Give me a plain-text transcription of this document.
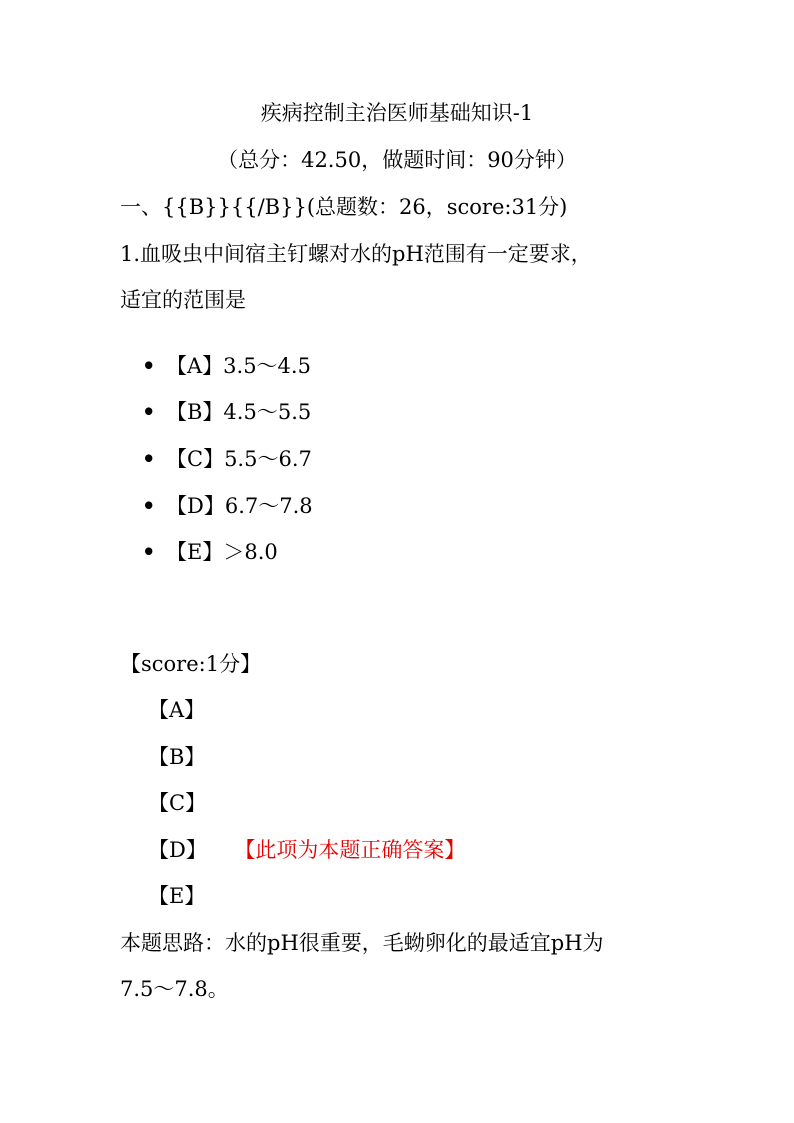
疾病控制主治医师基础知识-1
（总分：42.50，做题时间：90分钟）
一、{{B}}{{/B}}(总题数：26，score:31分)
1.血吸虫中间宿主钉螺对水的pH范围有一定要求，
适宜的范围是
• 【A】3.5～4.5
• 【B】4.5～5.5
• 【C】5.5～6.7
• 【D】6.7～7.8
• 【E】＞8.0
【score:1分】
【A】
【B】
【C】
【D】 【此项为本题正确答案】
【E】
本题思路：水的pH很重要，毛蚴卵化的最适宜pH为
7.5～7.8。
